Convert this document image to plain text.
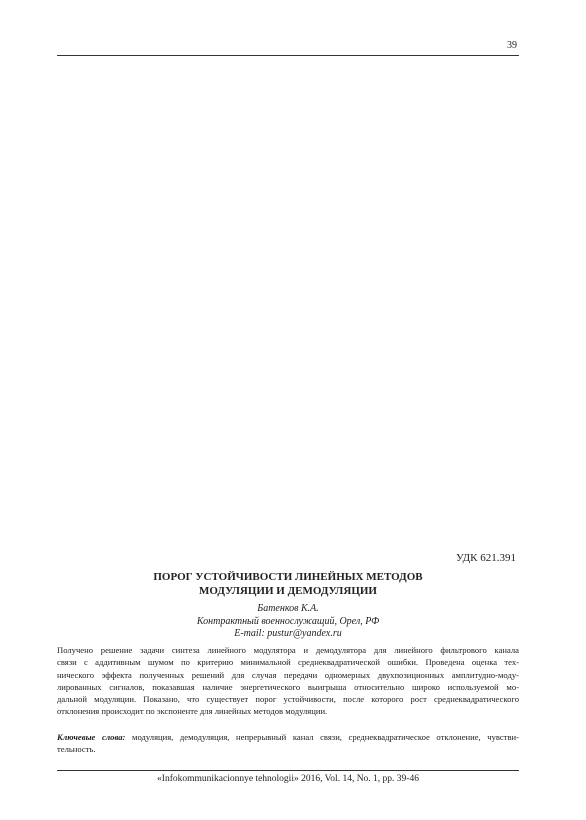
39
УДК 621.391
ПОРОГ УСТОЙЧИВОСТИ ЛИНЕЙНЫХ МЕТОДОВ
МОДУЛЯЦИИ И ДЕМОДУЛЯЦИИ
Батенков К.А.
Контрактный военнослужащий, Орел, РФ
E-mail: pustur@yandex.ru
Получено решение задачи синтеза линейного модулятора и демодулятора для линейного фильтрового канала
связи с аддитивным шумом по критерию минимальной среднеквадратической ошибки. Проведена оценка тех-
нического эффекта полученных решений для случая передачи одномерных двухпозиционных амплитудно-моду-
лированных сигналов, показавшая наличие энергетического выигрыша относительно широко используемой мо-
дальной модуляции. Показано, что существует порог устойчивости, после которого рост среднеквадратического
отклонения происходит по экспоненте для линейных методов модуляции.
Ключевые слова: модуляция, демодуляция, непрерывный канал связи, среднеквадратическое отклонение, чувстви-
тельность.
«Infokommunikacionnye tehnologii» 2016, Vol. 14, No. 1, pp. 39-46
